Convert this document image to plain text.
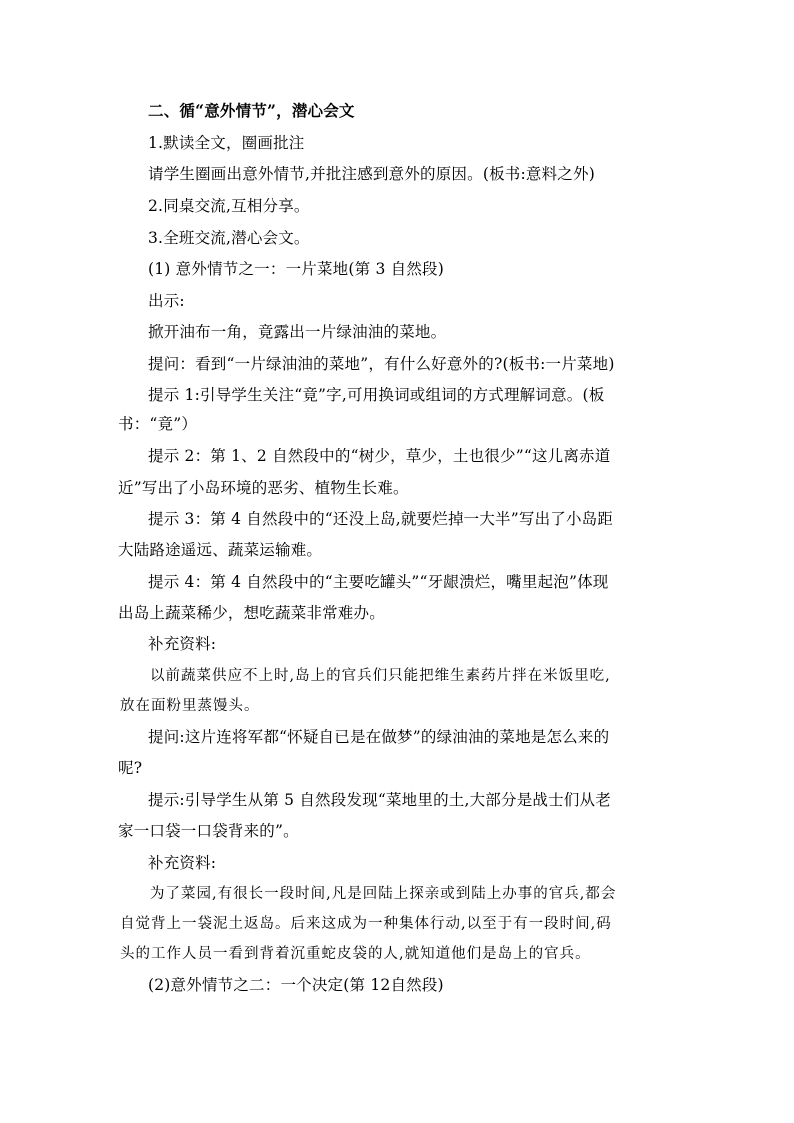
二、循“意外情节”，潜心会文
1.默读全文，圈画批注
请学生圈画出意外情节,并批注感到意外的原因。(板书:意料之外)
2.同桌交流,互相分享。
3.全班交流,潜心会文。
(1) 意外情节之一：一片菜地(第 3 自然段)
出示:
掀开油布一角，竟露出一片绿油油的菜地。
提问：看到“一片绿油油的菜地”，有什么好意外的?(板书:一片菜地)
提示 1:引导学生关注“竟”字,可用换词或组词的方式理解词意。(板
书：“竟”）
提示 2：第 1、2 自然段中的“树少，草少，土也很少”“这儿离赤道
近”写出了小岛环境的恶劣、植物生长难。
提示 3：第 4 自然段中的“还没上岛,就要烂掉一大半”写出了小岛距
大陆路途遥远、蔬菜运输难。
提示 4：第 4 自然段中的“主要吃罐头”“牙龈溃烂，嘴里起泡”体现
出岛上蔬菜稀少，想吃蔬菜非常难办。
补充资料:
以前蔬菜供应不上时,岛上的官兵们只能把维生素药片拌在米饭里吃,
放在面粉里蒸馒头。
提问:这片连将军都“怀疑自已是在做梦”的绿油油的菜地是怎么来的
呢?
提示:引导学生从第 5 自然段发现“菜地里的土,大部分是战士们从老
家一口袋一口袋背来的”。
补充资料:
为了菜园,有很长一段时间,凡是回陆上探亲或到陆上办事的官兵,都会
自觉背上一袋泥土返岛。后来这成为一种集体行动,以至于有一段时间,码
头的工作人员一看到背着沉重蛇皮袋的人,就知道他们是岛上的官兵。
(2)意外情节之二：一个决定(第 12自然段)
